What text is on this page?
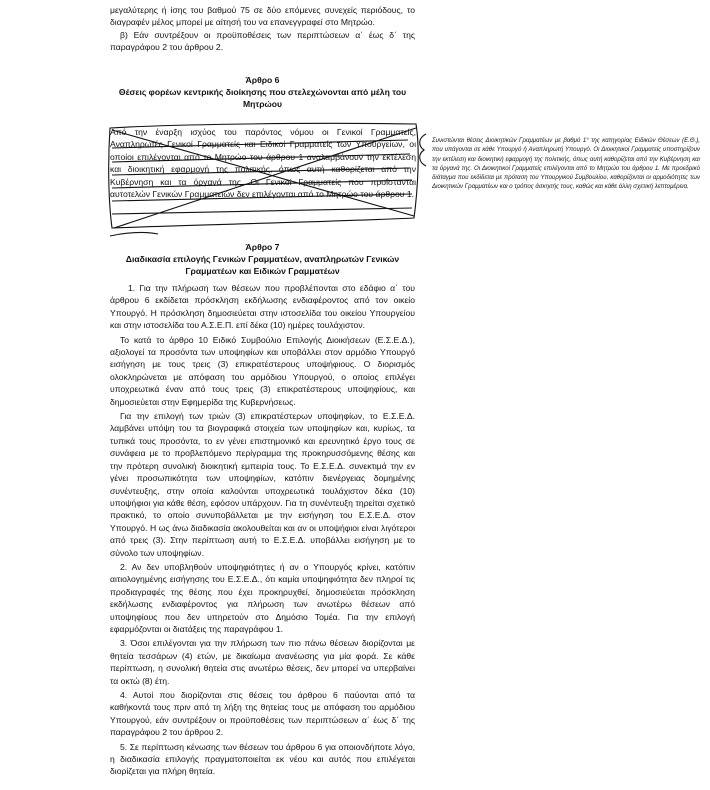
μεγαλύτερης ή ίσης του βαθμού 75 σε δύο επόμενες συνεχείς περιόδους, το διαγραφέν μέλος μπορεί με αίτησή του να επανεγγραφεί στο Μητρώο.

β) Εάν συντρέξουν οι προϋποθέσεις των περιπτώσεων α΄ έως δ΄ της παραγράφου 2 του άρθρου 2.

Άρθρο 6

Θέσεις φορέων κεντρικής διοίκησης που στελεχώνονται από μέλη του Μητρώου

Από την έναρξη ισχύος του παρόντος νόμου οι Γενικοί Γραμματείς, Αναπληρωτές Γενικοί Γραμματείς και Ειδικοί Γραμματείς των Υπουργείων, οι οποίοι επιλέγονται από το Μητρώο του άρθρου 1 αναλαμβάνουν την εκτέλεση και διοικητική εφαρμογή της πολιτικής, όπως αυτή καθορίζεται από την Κυβέρνηση και τα όργανά της. Οι Γενικοί Γραμματείς που προΐστανται αυτοτελών Γενικών Γραμματειών δεν επιλέγονται από το Μητρώο του άρθρου 1.
Συνιστώνται θέσεις Διοικητικών Γραμματέων με βαθμό 1° της κατηγορίας Ειδικών Θέσεων (Ε.Θ.), που υπάγονται σε κάθε Υπουργό ή Αναπληρωτή Υπουργό. Οι Διοικητικοί Γραμματείς υποστηρίζουν την εκτέλεση και διοικητική εφαρμογή της πολιτικής, όπως αυτή καθορίζεται από την Κυβέρνηση και τα όργανά της. Οι Διοικητικοί Γραμματείς επιλέγονται από το Μητρώο του άρθρου 1. Με προεδρικό διάταγμα που εκδίδεται με πρόταση του Υπουργικού Συμβουλίου, καθορίζονται οι αρμοδιότητες των Διοικητικών Γραμματέων και ο τρόπος άσκησής τους, καθώς και κάθε άλλη σχετική λεπτομέρεια.

Άρθρο 7

Διαδικασία επιλογής Γενικών Γραμματέων, αναπληρωτών Γενικών Γραμματέων και Ειδικών Γραμματέων

1. Για την πλήρωση των θέσεων που προβλέπονται στο εδάφιο α΄ του άρθρου 6 εκδίδεται πρόσκληση εκδήλωσης ενδιαφέροντος από τον οικείο Υπουργό. Η πρόσκληση δημοσιεύεται στην ιστοσελίδα του οικείου Υπουργείου και στην ιστοσελίδα του Α.Σ.Ε.Π. επί δέκα (10) ημέρες τουλάχιστον.

Το κατά το άρθρο 10 Ειδικό Συμβούλιο Επιλογής Διοικήσεων (Ε.Σ.Ε.Δ.), αξιολογεί τα προσόντα των υποψηφίων και υποβάλλει στον αρμόδιο Υπουργό εισήγηση με τους τρεις (3) επικρατέστερους υποψήφιους. Ο διορισμός ολοκληρώνεται με απόφαση του αρμόδιου Υπουργού, ο οποίος επιλέγει υποχρεωτικά έναν από τους τρεις (3) επικρατέστερους υποψηφίους, και δημοσιεύεται στην Εφημερίδα της Κυβερνήσεως.

Για την επιλογή των τριών (3) επικρατέστερων υποψηφίων, το Ε.Σ.Ε.Δ. λαμβάνει υπόψη του τα βιογραφικά στοιχεία των υποψηφίων και, κυρίως, τα τυπικά τους προσόντα, το εν γένει επιστημονικό και ερευνητικό έργο τους σε συνάφεια με το προβλεπόμενο περίγραμμα της προκηρυσσόμενης θέσης και την πρότερη συνολική διοικητική εμπειρία τους. Το Ε.Σ.Ε.Δ. συνεκτιμά την εν γένει προσωπικότητα των υποψηφίων, κατόπιν διενέργειας δομημένης συνέντευξης, στην οποία καλούνται υποχρεωτικά τουλάχιστον δέκα (10) υποψήφιοι για κάθε θέση, εφόσον υπάρχουν. Για τη συνέντευξη τηρείται σχετικό πρακτικό, το οποίο συνυποβάλλεται με την εισήγηση του Ε.Σ.Ε.Δ. στον Υπουργό. Η ως άνω διαδικασία ακολουθείται και αν οι υποψήφιοι είναι λιγότεροι από τρεις (3). Στην περίπτωση αυτή το Ε.Σ.Ε.Δ. υποβάλλει εισήγηση με το σύνολο των υποψηφίων.

2. Αν δεν υποβληθούν υποψηφιότητες ή αν ο Υπουργός κρίνει, κατόπιν αιτιολογημένης εισήγησης του Ε.Σ.Ε.Δ., ότι καμία υποψηφιότητα δεν πληροί τις προδιαγραφές της θέσης που έχει προκηρυχθεί, δημοσιεύεται πρόσκληση εκδήλωσης ενδιαφέροντος για πλήρωση των ανωτέρω θέσεων από υποψηφίους που δεν υπηρετούν στο Δημόσιο Τομέα. Για την επιλογή εφαρμόζονται οι διατάξεις της παραγράφου 1.

3. Όσοι επιλέγονται για την πλήρωση των πιο πάνω θέσεων διορίζονται με θητεία τεσσάρων (4) ετών, με δικαίωμα ανανέωσης για μία φορά. Σε κάθε περίπτωση, η συνολική θητεία στις ανωτέρω θέσεις, δεν μπορεί να υπερβαίνει τα οκτώ (8) έτη.

4. Αυτοί που διορίζονται στις θέσεις του άρθρου 6 παύονται από τα καθήκοντά τους πριν από τη λήξη της θητείας τους με απόφαση του αρμόδιου Υπουργού, εάν συντρέξουν οι προϋποθέσεις των περιπτώσεων α΄ έως δ΄ της παραγράφου 2 του άρθρου 2.

5. Σε περίπτωση κένωσης των θέσεων του άρθρου 6 για οποιονδήποτε λόγο, η διαδικασία επιλογής πραγματοποιείται εκ νέου και αυτός που επιλέγεται διορίζεται για πλήρη θητεία.
